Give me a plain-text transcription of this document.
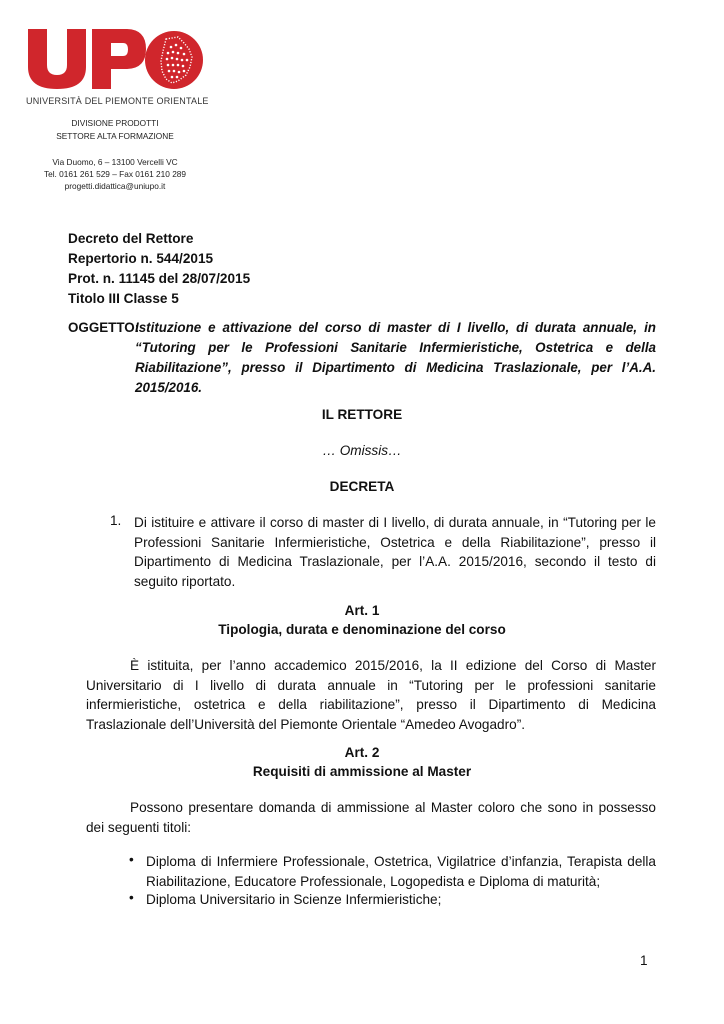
UNIVERSITÀ DEL PIEMONTE ORIENTALE
DIVISIONE PRODOTTI
SETTORE ALTA FORMAZIONE
Via Duomo, 6 – 13100 Vercelli VC
Tel. 0161 261 529 – Fax 0161 210 289
progetti.didattica@uniupo.it
Decreto del Rettore
Repertorio n. 544/2015
Prot. n. 11145 del 28/07/2015
Titolo III Classe 5
OGGETTO:
Istituzione e attivazione del corso di master di I livello, di durata annuale, in “Tutoring per le Professioni Sanitarie Infermieristiche, Ostetrica e della Riabilitazione”, presso il Dipartimento di Medicina Traslazionale, per l’A.A. 2015/2016.
IL RETTORE
… Omissis…
DECRETA
1. Di istituire e attivare il corso di master di I livello, di durata annuale, in “Tutoring per le Professioni Sanitarie Infermieristiche, Ostetrica e della Riabilitazione”, presso il Dipartimento di Medicina Traslazionale, per l’A.A. 2015/2016, secondo il testo di seguito riportato.
Art. 1
Tipologia, durata e denominazione del corso
È istituita, per l’anno accademico 2015/2016, la II edizione del Corso di Master Universitario di I livello di durata annuale in “Tutoring per le professioni sanitarie infermieristiche, ostetrica e della riabilitazione”, presso il Dipartimento di Medicina Traslazionale dell’Università del Piemonte Orientale “Amedeo Avogadro”.
Art. 2
Requisiti di ammissione al Master
Possono presentare domanda di ammissione al Master coloro che sono in possesso dei seguenti titoli:
• Diploma di Infermiere Professionale, Ostetrica, Vigilatrice d’infanzia, Terapista della Riabilitazione, Educatore Professionale, Logopedista e Diploma di maturità;
• Diploma Universitario in Scienze Infermieristiche;
1
